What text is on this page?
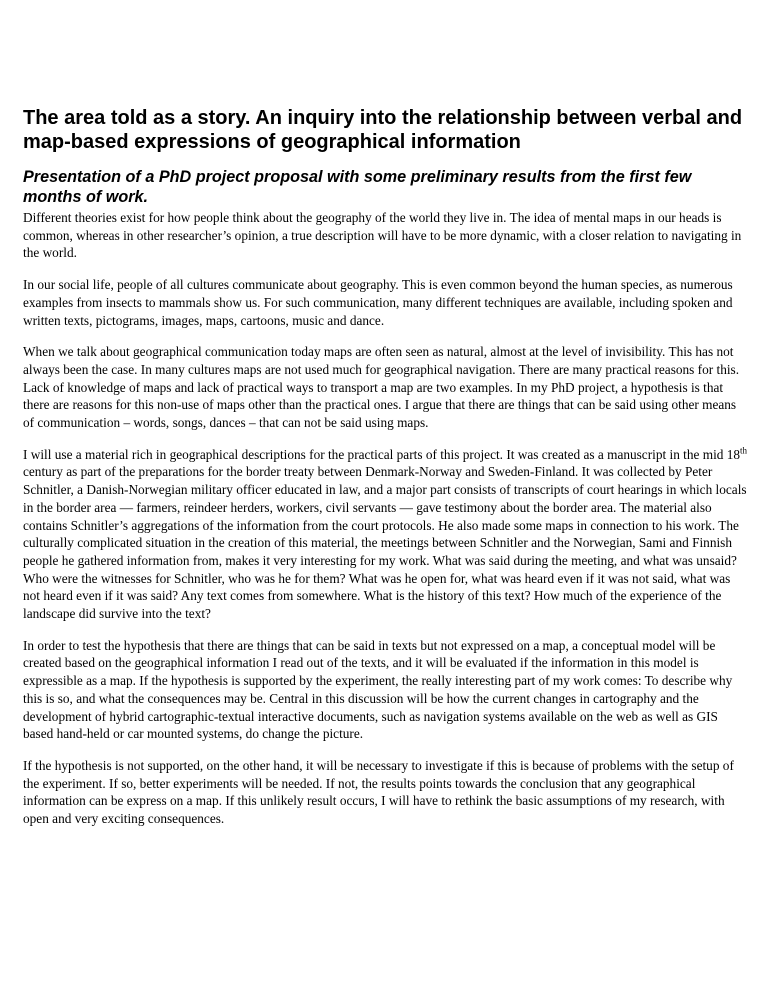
The area told as a story. An inquiry into the relationship between verbal and map-based expressions of geographical information
Presentation of a PhD project proposal with some preliminary results from the first few months of work.

Different theories exist for how people think about the geography of the world they live in. The idea of mental maps in our heads is common, whereas in other researcher’s opinion, a true description will have to be more dynamic, with a closer relation to navigating in the world.

In our social life, people of all cultures communicate about geography. This is even common beyond the human species, as numerous examples from insects to mammals show us. For such communication, many different techniques are available, including spoken and written texts, pictograms, images, maps, cartoons, music and dance.

When we talk about geographical communication today maps are often seen as natural, almost at the level of invisibility. This has not always been the case. In many cultures maps are not used much for geographical navigation. There are many practical reasons for this. Lack of knowledge of maps and lack of practical ways to transport a map are two examples. In my PhD project, a hypothesis is that there are reasons for this non-use of maps other than the practical ones. I argue that there are things that can be said using other means of communication – words, songs, dances – that can not be said using maps.

I will use a material rich in geographical descriptions for the practical parts of this project. It was created as a manuscript in the mid 18th century as part of the preparations for the border treaty between Denmark-Norway and Sweden-Finland. It was collected by Peter Schnitler, a Danish-Norwegian military officer educated in law, and a major part consists of transcripts of court hearings in which locals in the border area — farmers, reindeer herders, workers, civil servants — gave testimony about the border area. The material also contains Schnitler’s aggregations of the information from the court protocols. He also made some maps in connection to his work. The culturally complicated situation in the creation of this material, the meetings between Schnitler and the Norwegian, Sami and Finnish people he gathered information from, makes it very interesting for my work. What was said during the meeting, and what was unsaid? Who were the witnesses for Schnitler, who was he for them? What was he open for, what was heard even if it was not said, what was not heard even if it was said? Any text comes from somewhere. What is the history of this text? How much of the experience of the landscape did survive into the text?

In order to test the hypothesis that there are things that can be said in texts but not expressed on a map, a conceptual model will be created based on the geographical information I read out of the texts, and it will be evaluated if the information in this model is expressible as a map. If the hypothesis is supported by the experiment, the really interesting part of my work comes: To describe why this is so, and what the consequences may be. Central in this discussion will be how the current changes in cartography and the development of hybrid cartographic-textual interactive documents, such as navigation systems available on the web as well as GIS based hand-held or car mounted systems, do change the picture.

If the hypothesis is not supported, on the other hand, it will be necessary to investigate if this is because of problems with the setup of the experiment. If so, better experiments will be needed. If not, the results points towards the conclusion that any geographical information can be express on a map. If this unlikely result occurs, I will have to rethink the basic assumptions of my research, with open and very exciting consequences.
